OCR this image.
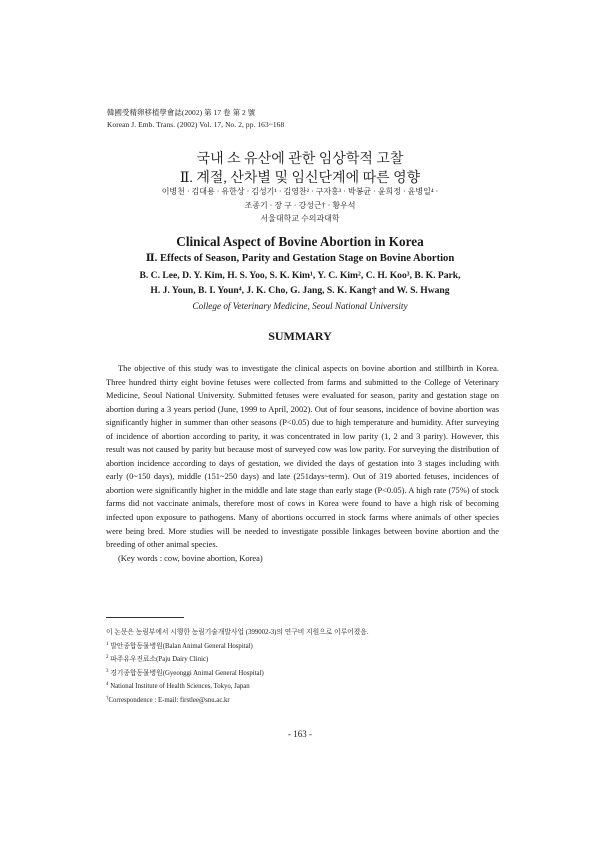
韓國受精卵移植學會誌(2002) 第 17 卷 第 2 號
Korean J. Emb. Trans. (2002) Vol. 17, No. 2, pp. 163~168
국내 소 유산에 관한 임상학적 고찰
Ⅱ. 계절, 산차별 및 임신단계에 따른 영향
이병천 · 김대용 · 유한상 · 김성기¹ · 김영찬² · 구자홍³ · 박봉균 · 윤희정 · 윤병일⁴ ·
조종기 · 장 구 · 강성근† · 황우석
서울대학교 수의과대학
Clinical Aspect of Bovine Abortion in Korea
Ⅱ. Effects of Season, Parity and Gestation Stage on Bovine Abortion
B. C. Lee, D. Y. Kim, H. S. Yoo, S. K. Kim¹, Y. C. Kim², C. H. Koo³, B. K. Park,
H. J. Youn, B. I. Youn⁴, J. K. Cho, G. Jang, S. K. Kang† and W. S. Hwang
College of Veterinary Medicine, Seoul National University
SUMMARY

The objective of this study was to investigate the clinical aspects on bovine abortion and stillbirth in Korea. Three hundred thirty eight bovine fetuses were collected from farms and submitted to the College of Veterinary Medicine, Seoul National University. Submitted fetuses were evaluated for season, parity and gestation stage on abortion during a 3 years period (June, 1999 to April, 2002). Out of four seasons, incidence of bovine abortion was significantly higher in summer than other seasons (P<0.05) due to high temperature and humidity. After surveying of incidence of abortion according to parity, it was concentrated in low parity (1, 2 and 3 parity). However, this result was not caused by parity but because most of surveyed cow was low parity. For surveying the distribution of abortion incidence according to days of gestation, we divided the days of gestation into 3 stages including with early (0~150 days), middle (151~250 days) and late (251days~term). Out of 319 aborted fetuses, incidences of abortion were significantly higher in the middle and late stage than early stage (P<0.05). A high rate (75%) of stock farms did not vaccinate animals, therefore most of cows in Korea were found to have a high risk of becoming infected upon exposure to pathogens. Many of abortions occurred in stock farms where animals of other species were being bred. More studies will be needed to investigate possible linkages between bovine abortion and the breeding of other animal species.

(Key words : cow, bovine abortion, Korea)

이 논문은 농림부에서 시행한 농림기술개발사업 (399002-3)의 연구비 지원으로 이루어졌음.
$^1$ 발안종합동물병원(Balan Animal General Hospital)
$^2$ 파주유우진료소(Paju Dairy Clinic)
$^3$ 경기종합동물병원(Gyeonggi Animal General Hospital)
$^4$ National Institute of Health Sciences, Tokyo, Japan
†Correspondence : E-mail: firstlee@snu.ac.kr
- 163 -
